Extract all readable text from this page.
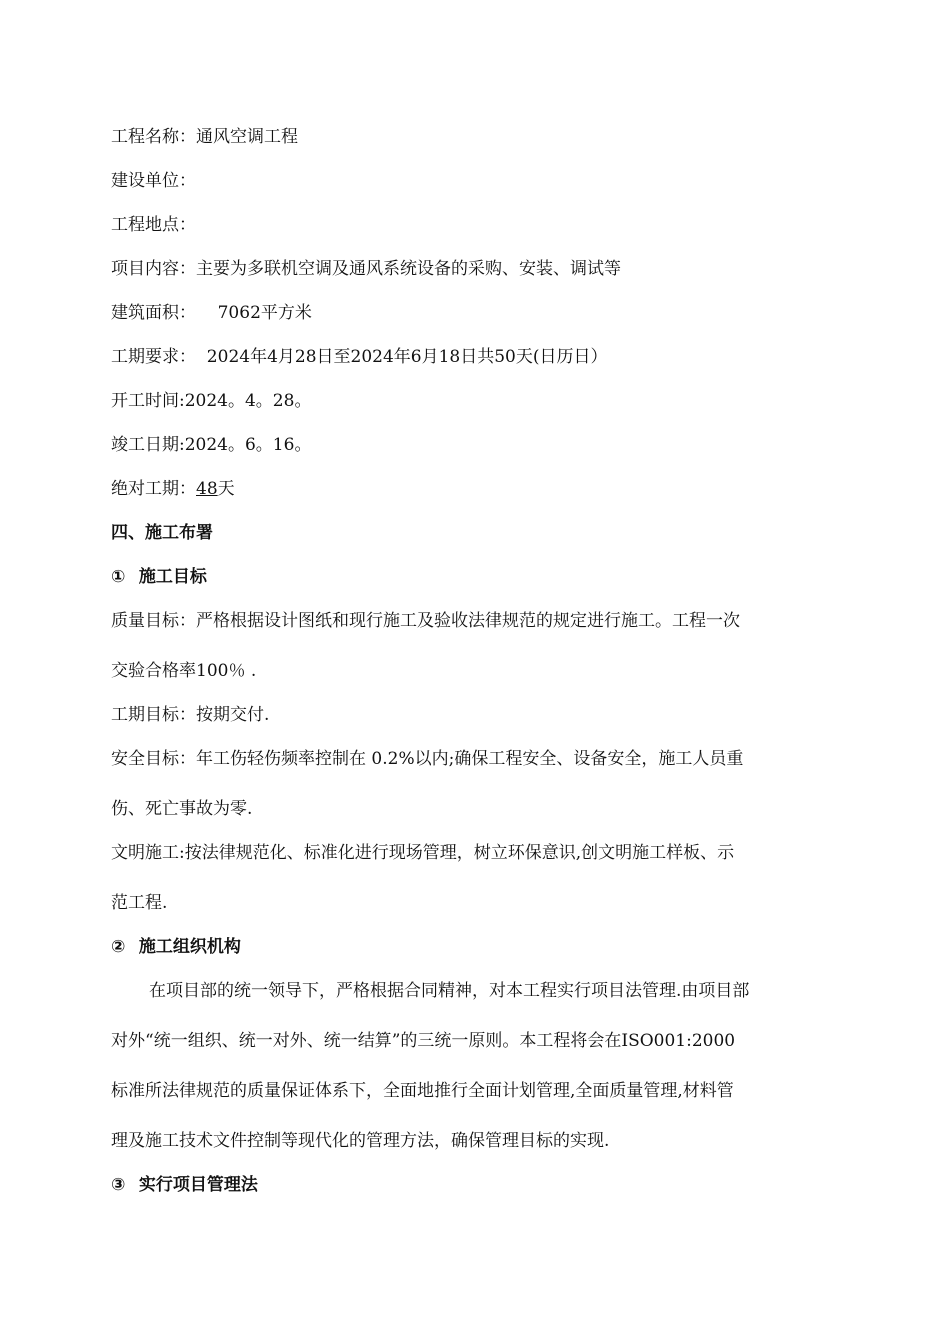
工程名称：通风空调工程
建设单位：
工程地点：
项目内容：主要为多联机空调及通风系统设备的采购、安装、调试等
建筑面积：    7062平方米
工期要求：  2024年4月28日至2024年6月18日共50天(日历日）
开工时间:2024。4。28。
竣工日期:2024。6。16。
绝对工期：48天
四、施工布署
① 施工目标
质量目标：严格根据设计图纸和现行施工及验收法律规范的规定进行施工。工程一次
交验合格率100％ .
工期目标：按期交付.
安全目标：年工伤轻伤频率控制在 0.2%以内;确保工程安全、设备安全，施工人员重
伤、死亡事故为零.
文明施工:按法律规范化、标准化进行现场管理，树立环保意识,创文明施工样板、示
范工程.
② 施工组织机构
在项目部的统一领导下，严格根据合同精神，对本工程实行项目法管理.由项目部
对外“统一组织、统一对外、统一结算”的三统一原则。本工程将会在ISO001:2000
标准所法律规范的质量保证体系下，全面地推行全面计划管理,全面质量管理,材料管
理及施工技术文件控制等现代化的管理方法，确保管理目标的实现.
③ 实行项目管理法
